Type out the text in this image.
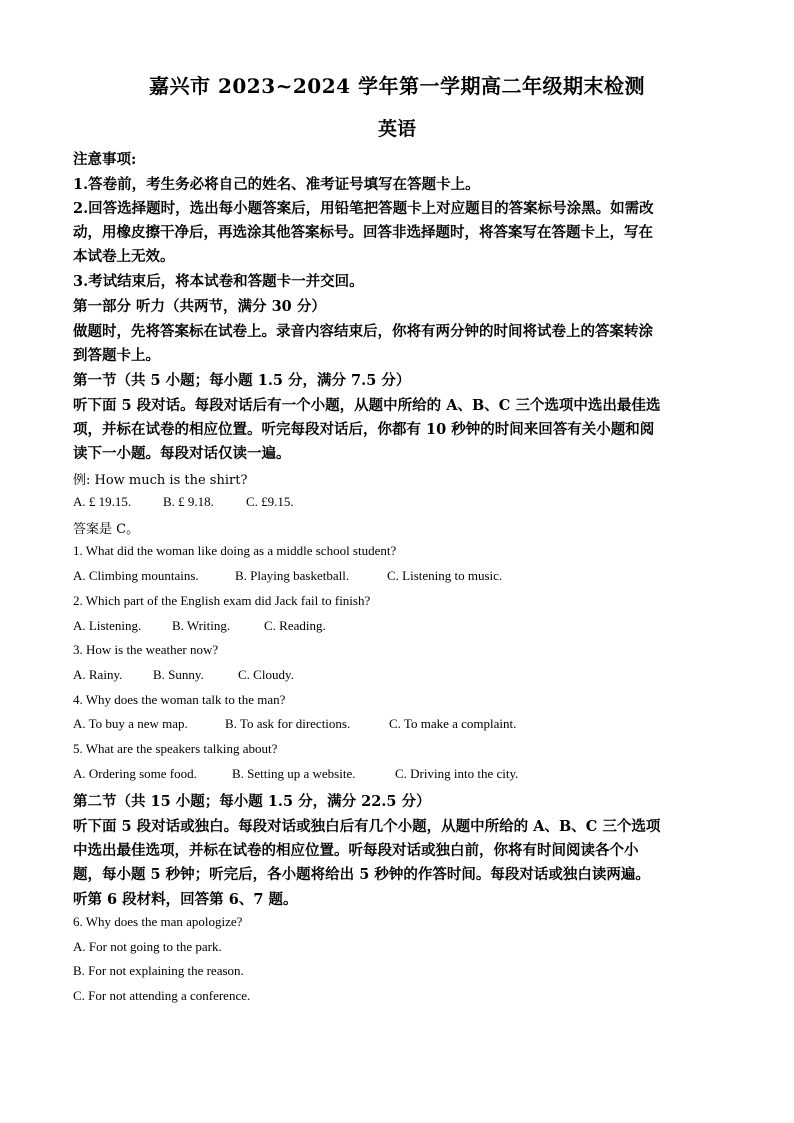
嘉兴市 2023~2024 学年第一学期高二年级期末检测
英语
注意事项:
1.答卷前，考生务必将自己的姓名、准考证号填写在答题卡上。
2.回答选择题时，选出每小题答案后，用铅笔把答题卡上对应题目的答案标号涂黑。如需改
动，用橡皮擦干净后，再选涂其他答案标号。回答非选择题时，将答案写在答题卡上，写在
本试卷上无效。
3.考试结束后，将本试卷和答题卡一并交回。
第一部分 听力（共两节，满分 30 分）
做题时，先将答案标在试卷上。录音内容结束后，你将有两分钟的时间将试卷上的答案转涂
到答题卡上。
第一节（共 5 小题；每小题 1.5 分，满分 7.5 分）
听下面 5 段对话。每段对话后有一个小题，从题中所给的 A、B、C 三个选项中选出最佳选
项，并标在试卷的相应位置。听完每段对话后，你都有 10 秒钟的时间来回答有关小题和阅
读下一小题。每段对话仅读一遍。
例: How much is the shirt?
A. £ 19.15. B. £ 9.18. C. £9.15.
答案是 C。
1. What did the woman like doing as a middle school student?
A. Climbing mountains.	B. Playing basketball.	C. Listening to music.
2. Which part of the English exam did Jack fail to finish?
A. Listening. B. Writing.	C. Reading.
3. How is the weather now?
A. Rainy. B. Sunny.	C. Cloudy.
4. Why does the woman talk to the man?
A. To buy a new map.	B. To ask for directions.	C. To make a complaint.
5. What are the speakers talking about?
A. Ordering some food.	B. Setting up a website.	C. Driving into the city.
第二节（共 15 小题；每小题 1.5 分，满分 22.5 分）
听下面 5 段对话或独白。每段对话或独白后有几个小题，从题中所给的 A、B、C 三个选项
中选出最佳选项，并标在试卷的相应位置。听每段对话或独白前，你将有时间阅读各个小
题，每小题 5 秒钟；听完后，各小题将给出 5 秒钟的作答时间。每段对话或独白读两遍。
听第 6 段材料，回答第 6、7 题。
6. Why does the man apologize?
A. For not going to the park.
B. For not explaining the reason.
C. For not attending a conference.
